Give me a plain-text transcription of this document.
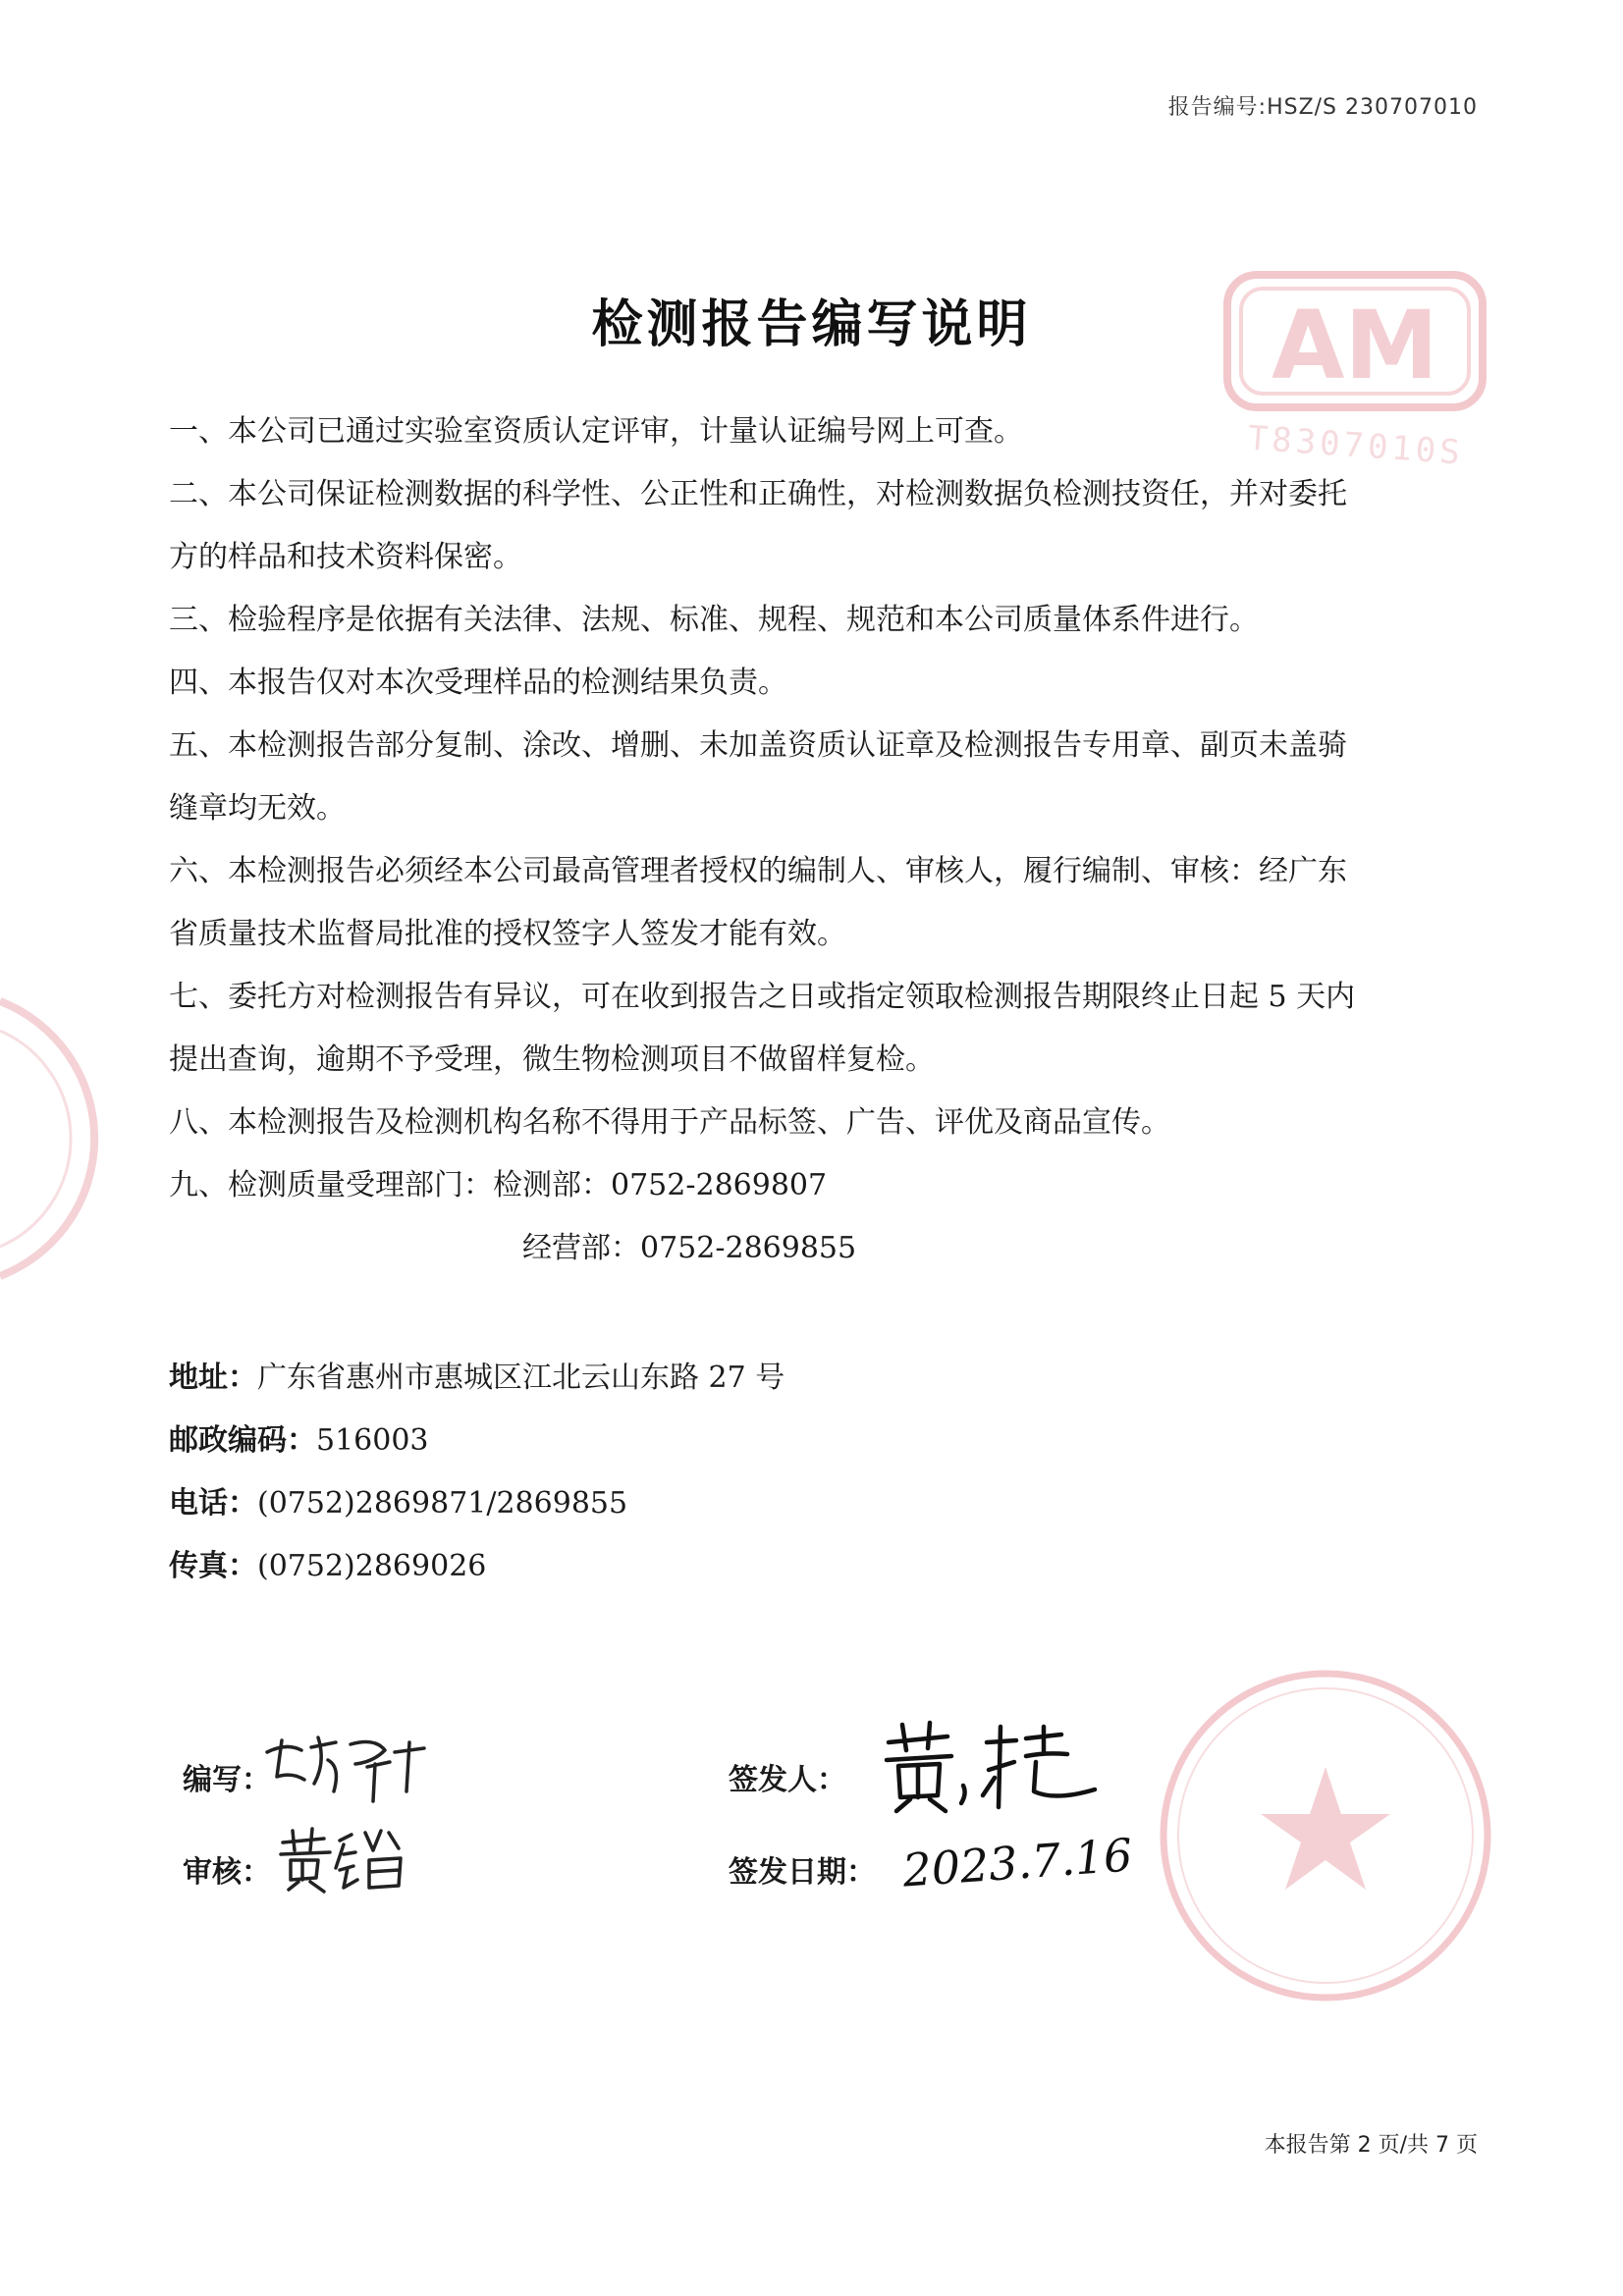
报告编号:HSZ/S 230707010
AM
T8307010S
检测报告编写说明

一、本公司已通过实验室资质认定评审，计量认证编号网上可查。

二、本公司保证检测数据的科学性、公正性和正确性，对检测数据负检测技资任，并对委托

方的样品和技术资料保密。

三、检验程序是依据有关法律、法规、标准、规程、规范和本公司质量体系件进行。

四、本报告仅对本次受理样品的检测结果负责。

五、本检测报告部分复制、涂改、增删、未加盖资质认证章及检测报告专用章、副页未盖骑

缝章均无效。

六、本检测报告必须经本公司最高管理者授权的编制人、审核人，履行编制、审核：经广东

省质量技术监督局批准的授权签字人签发才能有效。

七、委托方对检测报告有异议，可在收到报告之日或指定领取检测报告期限终止日起 5 天内

提出查询，逾期不予受理，微生物检测项目不做留样复检。

八、本检测报告及检测机构名称不得用于产品标签、广告、评优及商品宣传。

九、检测质量受理部门：检测部：0752-2869807

经营部：0752-2869855

地址：广东省惠州市惠城区江北云山东路 27 号
邮政编码：516003
电话：(0752)2869871/2869855
传真：(0752)2869026
编写：
审核：
签发人：
签发日期： 2023.7.16
本报告第 2 页/共 7 页
